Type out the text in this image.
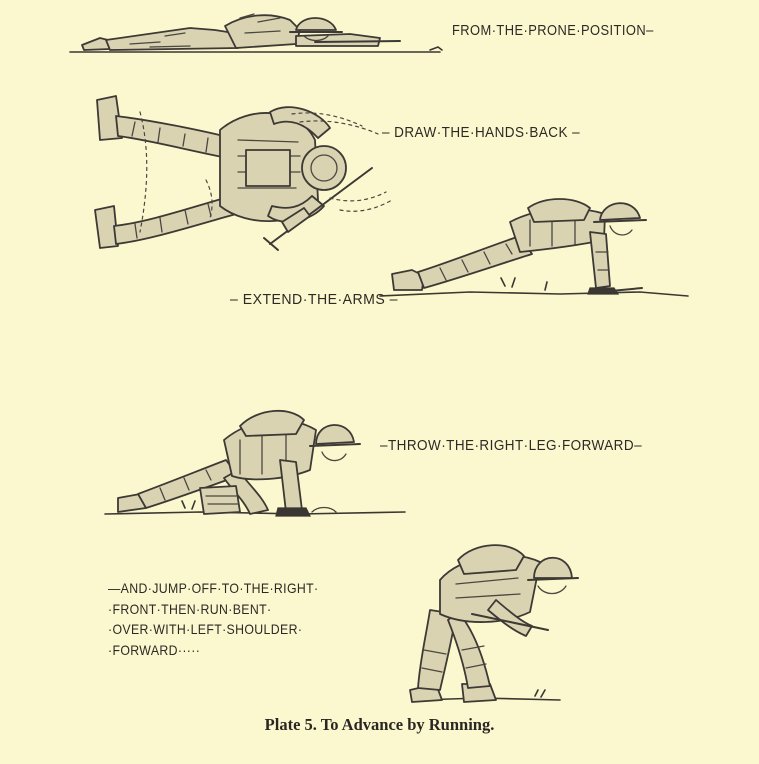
FROM·THE·PRONE·POSITION–
– DRAW·THE·HANDS·BACK –
– EXTEND·THE·ARMS –
–THROW·THE·RIGHT·LEG·FORWARD–
—AND·JUMP·OFF·TO·THE·RIGHT·
·FRONT·THEN·RUN·BENT·
·OVER·WITH·LEFT·SHOULDER·
·FORWARD·····
Plate 5. To Advance by Running.
